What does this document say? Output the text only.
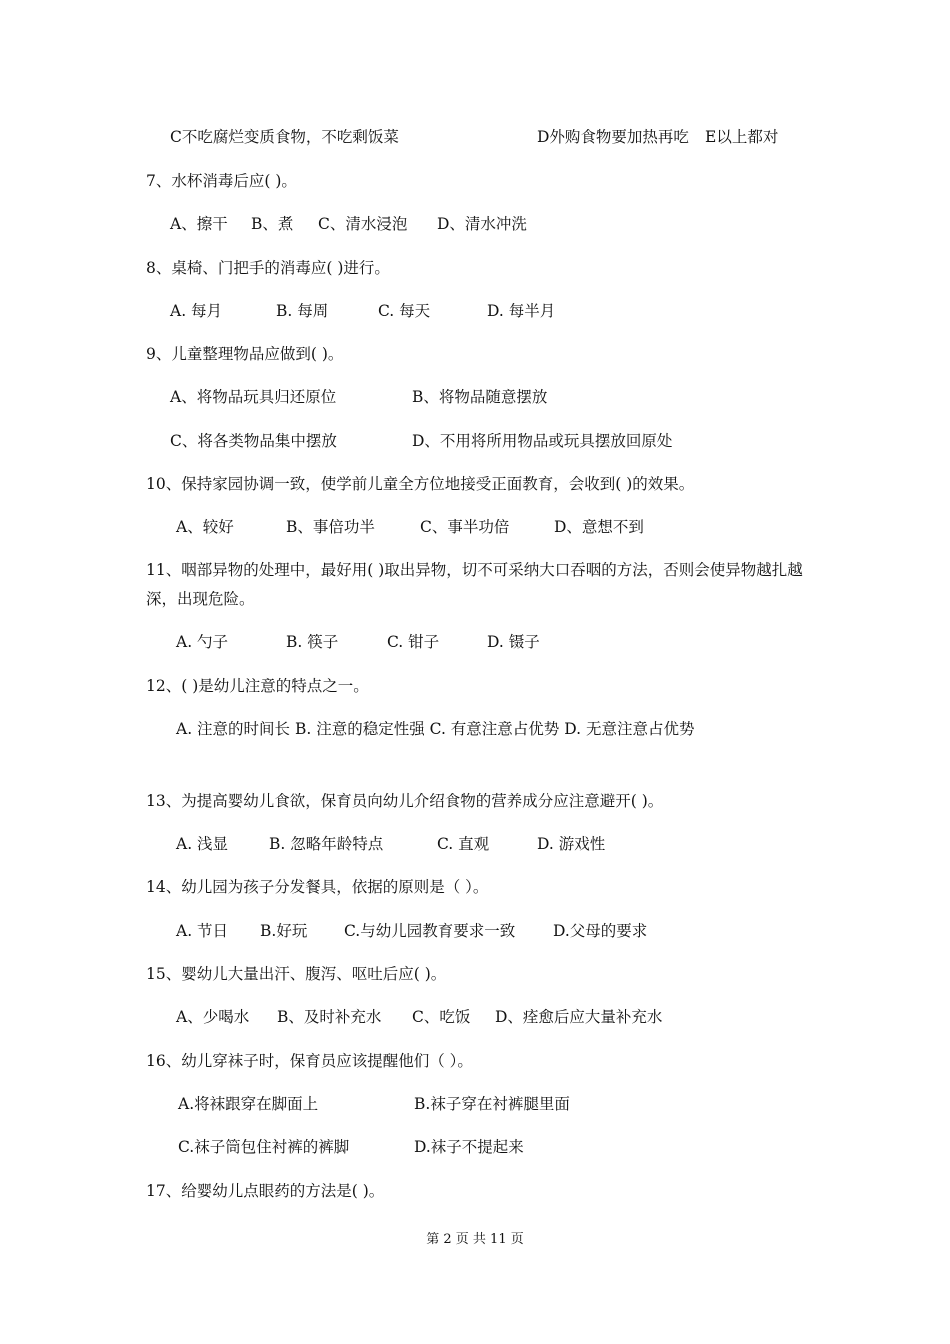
C不吃腐烂变质食物，不吃剩饭菜	D外购食物要加热再吃 E以上都对
7、水杯消毒后应( )。
A、擦干 B、煮 C、清水浸泡 D、清水冲洗
8、桌椅、门把手的消毒应( )进行。
A. 每月	B. 每周	C. 每天	D. 每半月
9、儿童整理物品应做到( )。
A、将物品玩具归还原位	B、将物品随意摆放
C、将各类物品集中摆放	D、不用将所用物品或玩具摆放回原处
10、保持家园协调一致，使学前儿童全方位地接受正面教育，会收到( )的效果。
A、较好	B、事倍功半	C、事半功倍	D、意想不到
11、咽部异物的处理中，最好用( )取出异物，切不可采纳大口吞咽的方法，否则会使异物越扎越深，出现危险。
A. 勺子	B. 筷子	C. 钳子	D. 镊子
12、( )是幼儿注意的特点之一。
A. 注意的时间长 B. 注意的稳定性强 C. 有意注意占优势 D. 无意注意占优势
13、为提高婴幼儿食欲，保育员向幼儿介绍食物的营养成分应注意避开( )。
A. 浅显	B. 忽略年龄特点	C. 直观	D. 游戏性
14、幼儿园为孩子分发餐具，依据的原则是（ ）。
A. 节日 B.好玩 C.与幼儿园教育要求一致 D.父母的要求
15、婴幼儿大量出汗、腹泻、呕吐后应( )。
A、少喝水 B、及时补充水 C、吃饭 D、痊愈后应大量补充水
16、幼儿穿袜子时，保育员应该提醒他们（ ）。
A.将袜跟穿在脚面上	B.袜子穿在衬裤腿里面
C.袜子筒包住衬裤的裤脚	D.袜子不提起来
17、给婴幼儿点眼药的方法是( )。
第 2 页 共 11 页
